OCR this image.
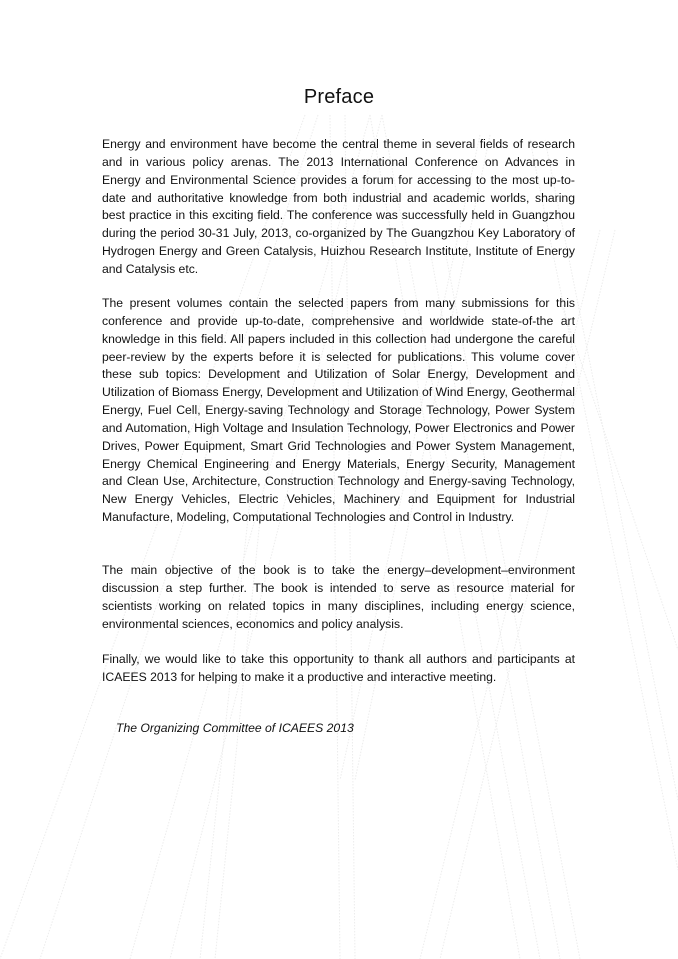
Preface

Energy and environment have become the central theme in several fields of research and in various policy arenas. The 2013 International Conference on Advances in Energy and Environmental Science provides a forum for accessing to the most up-to-date and authoritative knowledge from both industrial and academic worlds, sharing best practice in this exciting field. The conference was successfully held in Guangzhou during the period 30-31 July, 2013, co-organized by The Guangzhou Key Laboratory of Hydrogen Energy and Green Catalysis, Huizhou Research Institute, Institute of Energy and Catalysis etc.

The present volumes contain the selected papers from many submissions for this conference and provide up-to-date, comprehensive and worldwide state-of-the art knowledge in this field. All papers included in this collection had undergone the careful peer-review by the experts before it is selected for publications. This volume cover these sub topics: Development and Utilization of Solar Energy, Development and Utilization of Biomass Energy, Development and Utilization of Wind Energy, Geothermal Energy, Fuel Cell, Energy-saving Technology and Storage Technology, Power System and Automation, High Voltage and Insulation Technology, Power Electronics and Power Drives, Power Equipment, Smart Grid Technologies and Power System Management, Energy Chemical Engineering and Energy Materials, Energy Security, Management and Clean Use, Architecture, Construction Technology and Energy-saving Technology, New Energy Vehicles, Electric Vehicles, Machinery and Equipment for Industrial Manufacture, Modeling, Computational Technologies and Control in Industry.

The main objective of the book is to take the energy–development–environment discussion a step further. The book is intended to serve as resource material for scientists working on related topics in many disciplines, including energy science, environmental sciences, economics and policy analysis.

Finally, we would like to take this opportunity to thank all authors and participants at ICAEES 2013 for helping to make it a productive and interactive meeting.

The Organizing Committee of ICAEES 2013
